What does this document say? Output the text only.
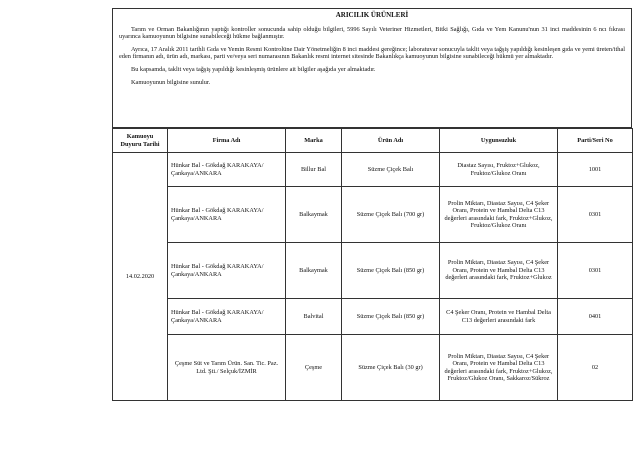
ARICILIK ÜRÜNLERİ

Tarım ve Orman Bakanlığının yaptığı kontroller sonucunda sahip olduğu bilgileri, 5996 Sayılı Veteriner Hizmetleri, Bitki Sağlığı, Gıda ve Yem Kanunu'nun 31 inci maddesinin 6 ncı fıkrası uyarınca kamuoyunun bilgisine sunabileceği hükme bağlanmıştır.

Ayrıca, 17 Aralık 2011 tarihli Gıda ve Yemin Resmi Kontrolüne Dair Yönetmeliğin 8 inci maddesi gereğince; laboratuvar sonucuyla taklit veya tağşiş yapıldığı kesinleşen gıda ve yemi üreten/ithal eden firmanın adı, ürün adı, markası, parti ve/veya seri numarasının Bakanlık resmi internet sitesinde Bakanlıkça kamuoyunun bilgisine sunabileceği hükmü yer almaktadır.

Bu kapsamda, taklit veya tağşiş yapıldığı kesinleşmiş ürünlere ait bilgiler aşağıda yer almaktadır.

Kamuoyunun bilgisine sunulur.

Kamuoyu Duyuru Tarihi	Firma Adı	Marka	Ürün Adı	Uygunsuzluk	Parti/Seri No
14.02.2020	Hünkar Bal - Gökdağ KARAKAYA/ Çankaya/ANKARA	Billur Bal	Süzme Çiçek Balı	Diastaz Sayısı, Fruktoz+Glukoz, Fruktoz/Glukoz Oranı	1001
	Hünkar Bal - Gökdağ KARAKAYA/ Çankaya/ANKARA	Balkaymak	Süzme Çiçek Balı (700 gr)	Prolin Miktarı, Diastaz Sayısı, C4 Şeker Oranı, Protein ve Hambal Delta C13 değerleri arasındaki fark, Fruktoz+Glukoz, Fruktoz/Glukoz Oranı	0301
	Hünkar Bal - Gökdağ KARAKAYA/ Çankaya/ANKARA	Balkaymak	Süzme Çiçek Balı (850 gr)	Prolin Miktarı, Diastaz Sayısı, C4 Şeker Oranı, Protein ve Hambal Delta C13 değerleri arasındaki fark, Fruktoz+Glukoz	0301
	Hünkar Bal - Gökdağ KARAKAYA/ Çankaya/ANKARA	Balvital	Süzme Çiçek Balı (850 gr)	C4 Şeker Oranı, Protein ve Hambal Delta C13 değerleri arasındaki fark	0401
	Çeşme Süt ve Tarım Ürün. San. Tic. Paz. Ltd. Şti./ Selçuk/İZMİR	Çeşme	Süzme Çiçek Balı (30 gr)	Prolin Miktarı, Diastaz Sayısı, C4 Şeker Oranı, Protein ve Hambal Delta C13 değerleri arasındaki fark, Fruktoz+Glukoz, Fruktoz/Glukoz Oranı, Sakkaroz/Sükroz	02
